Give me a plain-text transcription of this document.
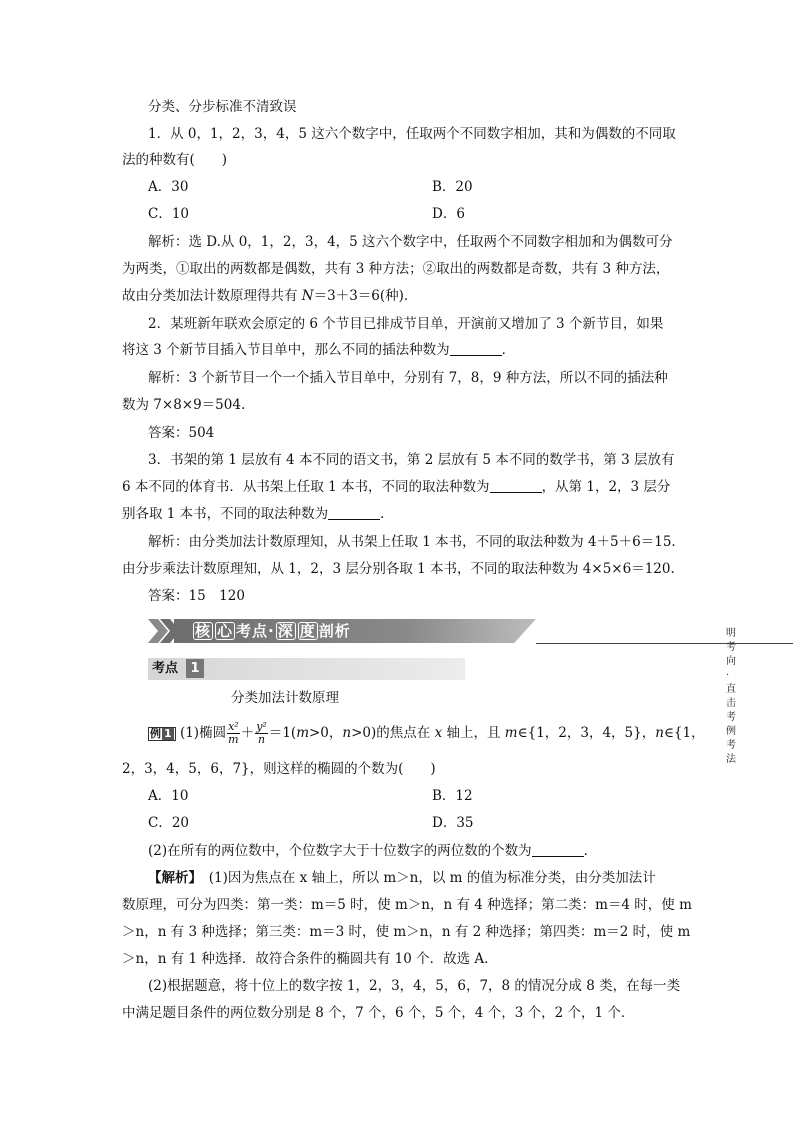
分类、分步标准不清致误
1．从 0，1，2，3，4，5 这六个数字中，任取两个不同数字相加，其和为偶数的不同取
法的种数有(　　)
A．30	B．20
C．10	D．6
解析：选 D.从 0，1，2，3，4，5 这六个数字中，任取两个不同数字相加和为偶数可分
为两类，①取出的两数都是偶数，共有 3 种方法；②取出的两数都是奇数，共有 3 种方法，
故由分类加法计数原理得共有 N＝3＋3＝6(种)．
2．某班新年联欢会原定的 6 个节目已排成节目单，开演前又增加了 3 个新节目，如果
将这 3 个新节目插入节目单中，那么不同的插法种数为	．
解析：3 个新节目一个一个插入节目单中，分别有 7，8，9 种方法，所以不同的插法种
数为 7×8×9＝504.
答案：504
3．书架的第 1 层放有 4 本不同的语文书，第 2 层放有 5 本不同的数学书，第 3 层放有
6 本不同的体育书．从书架上任取 1 本书，不同的取法种数为	，从第 1，2，3 层分
别各取 1 本书，不同的取法种数为	．
解析：由分类加法计数原理知，从书架上任取 1 本书，不同的取法种数为 4＋5＋6＝15.
由分步乘法计数原理知，从 1，2，3 层分别各取 1 本书，不同的取法种数为 4×5×6＝120.
答案：15　120
核 心 考点· 深 度 剖析	明考向 · 直击考例考法
考点 1
分类加法计数原理
例 1 (1)椭圆 $\frac{\text{x²}}{m} + \frac{\text{y²}}{n} =1(m>0$，n>0)的焦点在 x 轴上，且 m∈{1，2，3，4，5}，n∈{1，
2，3，4，5，6，7}，则这样的椭圆的个数为(　　)
A．10	B．12
C．20	D．35
(2)在所有的两位数中，个位数字大于十位数字的两位数的个数为	．
【解析】　 (1)因为焦点在 x 轴上，所以 m＞n，以 m 的值为标准分类，由分类加法计
数原理，可分为四类：第一类：m＝5 时，使 m＞n，n 有 4 种选择；第二类：m＝4 时，使 m
＞n，n 有 3 种选择；第三类：m＝3 时，使 m＞n，n 有 2 种选择；第四类：m＝2 时，使 m
＞n，n 有 1 种选择．故符合条件的椭圆共有 10 个．故选 A.
(2)根据题意，将十位上的数字按 1，2，3，4，5，6，7，8 的情况分成 8 类，在每一类
中满足题目条件的两位数分别是 8 个，7 个，6 个，5 个，4 个，3 个，2 个，1 个．
